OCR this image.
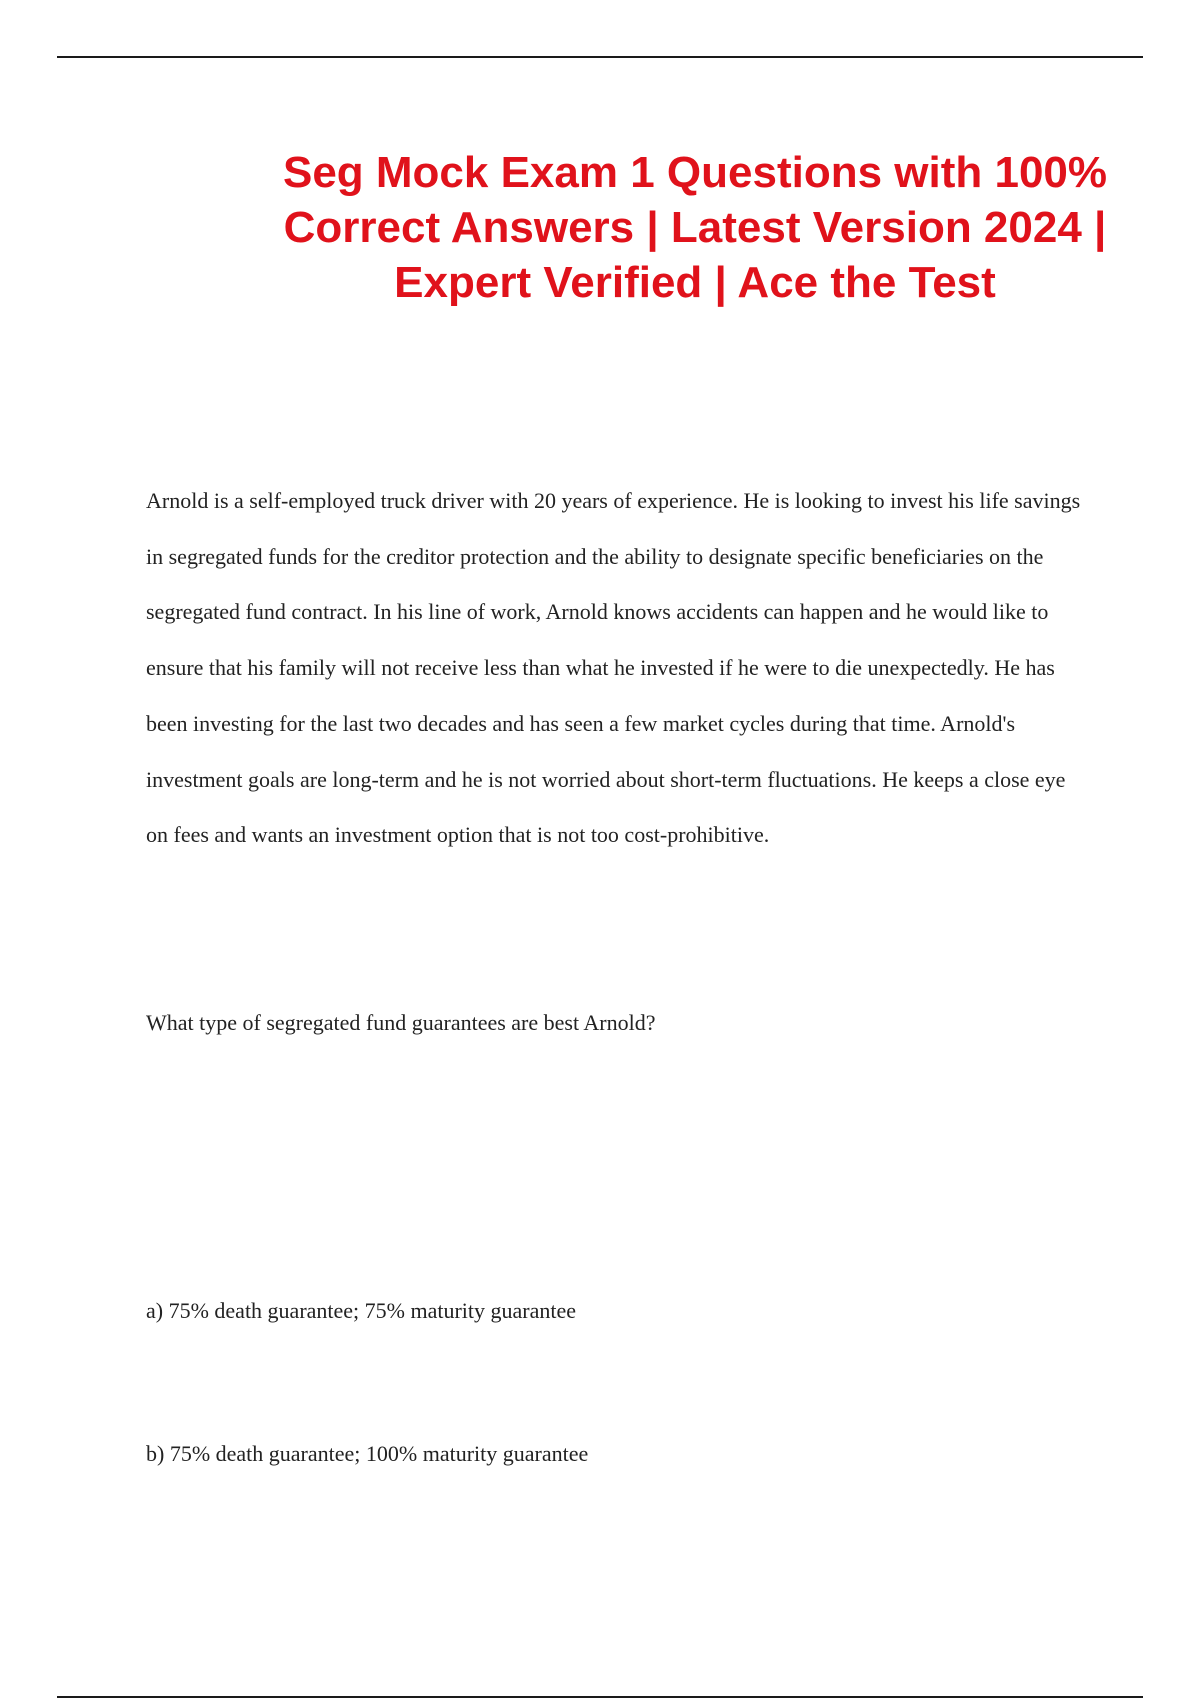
Seg Mock Exam 1 Questions with 100% Correct Answers | Latest Version 2024 | Expert Verified | Ace the Test

Arnold is a self-employed truck driver with 20 years of experience. He is looking to invest his life savings in segregated funds for the creditor protection and the ability to designate specific beneficiaries on the segregated fund contract. In his line of work, Arnold knows accidents can happen and he would like to ensure that his family will not receive less than what he invested if he were to die unexpectedly. He has been investing for the last two decades and has seen a few market cycles during that time. Arnold's investment goals are long-term and he is not worried about short-term fluctuations. He keeps a close eye on fees and wants an investment option that is not too cost-prohibitive.

What type of segregated fund guarantees are best Arnold?

a) 75% death guarantee; 75% maturity guarantee

b) 75% death guarantee; 100% maturity guarantee
